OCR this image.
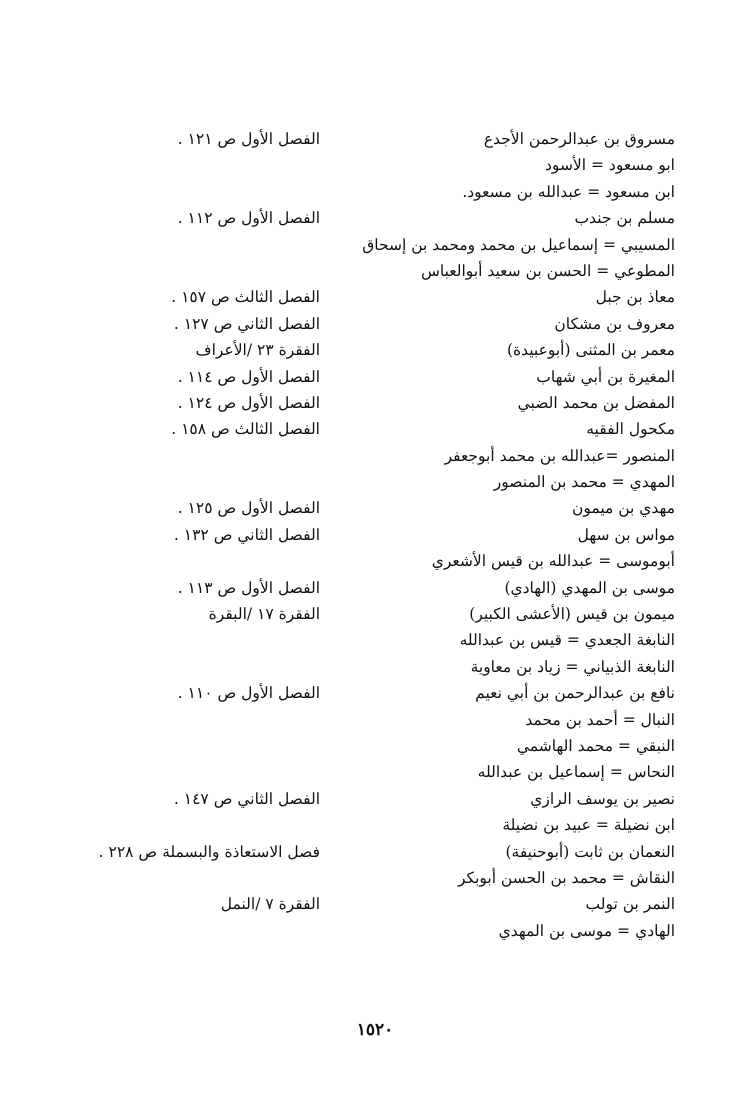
مسروق بن عبدالرحمن الأجدع
الفصل الأول ص ١٢١ .
ابو مسعود = الأسود
ابن مسعود = عبدالله بن مسعود.
مسلم بن جندب
الفصل الأول ص ١١٢ .
المسيبي = إسماعيل بن محمد ومحمد بن إسحاق
المطوعي = الحسن بن سعيد أبوالعباس
معاذ بن جبل
الفصل الثالث ص ١٥٧ .
معروف بن مشكان
الفصل الثاني ص ١٢٧ .
معمر بن المثنى (أبوعبيدة)
الفقرة ٢٣ /الأعراف
المغيرة بن أبي شهاب
الفصل الأول ص ١١٤ .
المفضل بن محمد الضبي
الفصل الأول ص ١٢٤ .
مكحول الفقيه
الفصل الثالث ص ١٥٨ .
المنصور =عبدالله بن محمد أبوجعفر
المهدي = محمد بن المنصور
مهدي بن ميمون
الفصل الأول ص ١٢٥ .
مواس بن سهل
الفصل الثاني ص ١٣٢ .
أبوموسى = عبدالله بن قيس الأشعري
موسى بن المهدي (الهادي)
الفصل الأول ص ١١٣ .
ميمون بن قيس (الأعشى الكبير)
الفقرة ١٧ /البقرة
النابغة الجعدي = قيس بن عبدالله
النابغة الذبياني = زياد بن معاوية
نافع بن عبدالرحمن بن أبي نعيم
الفصل الأول ص ١١٠ .
النبال = أحمد بن محمد
النبقي = محمد الهاشمي
النحاس = إسماعيل بن عبدالله
نصير بن يوسف الرازي
الفصل الثاني ص ١٤٧ .
ابن نضيلة = عبيد بن نضيلة
النعمان بن ثابت (أبوحنيفة)
فصل الاستعاذة والبسملة ص ٢٢٨ .
النقاش = محمد بن الحسن أبوبكر
النمر بن تولب
الفقرة ٧ /النمل
الهادي = موسى بن المهدي
١٥٢٠
